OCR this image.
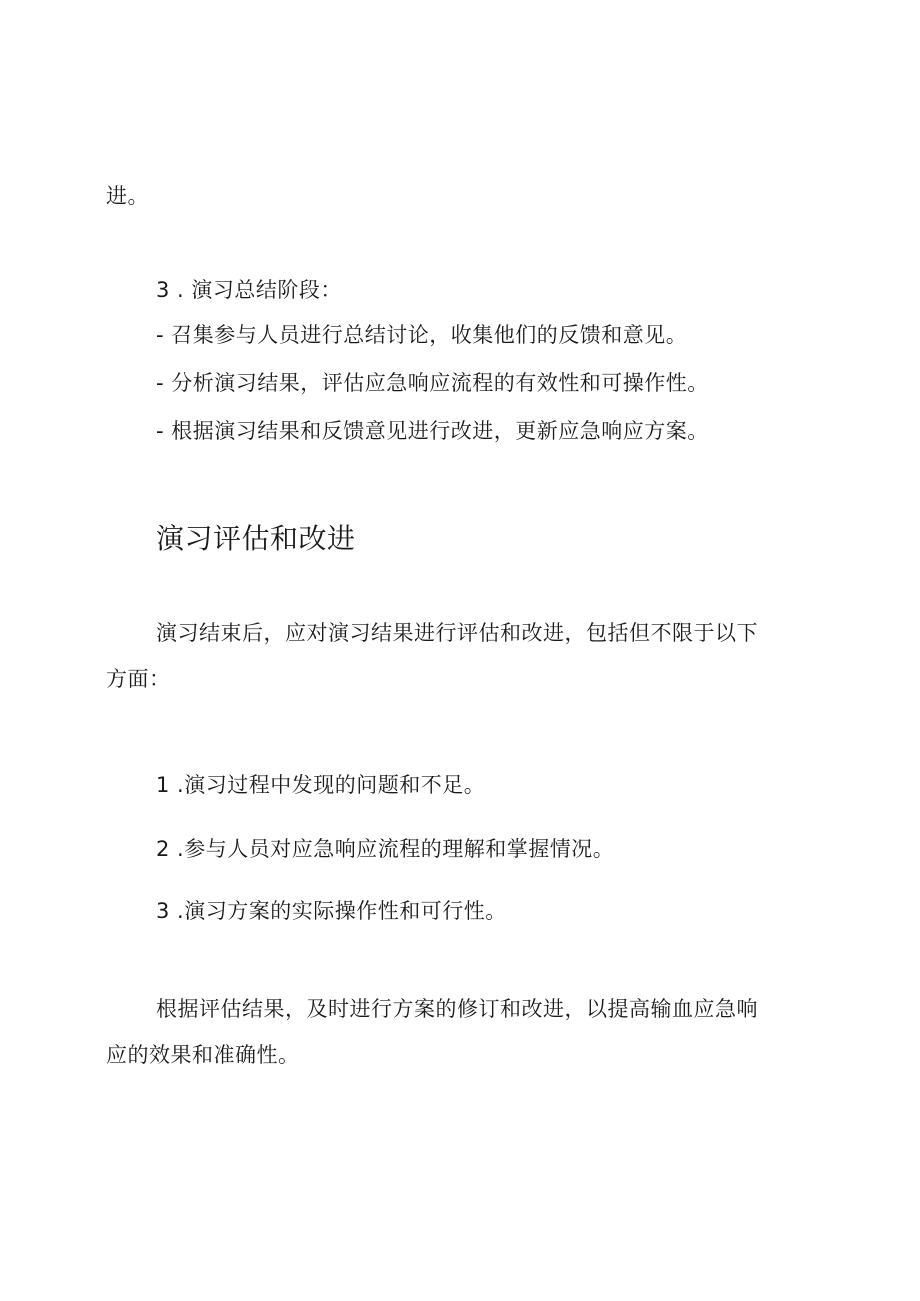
进。
3 . 演习总结阶段：
- 召集参与人员进行总结讨论，收集他们的反馈和意见。
- 分析演习结果，评估应急响应流程的有效性和可操作性。
- 根据演习结果和反馈意见进行改进，更新应急响应方案。
演习评估和改进
演习结束后，应对演习结果进行评估和改进，包括但不限于以下
方面：
1 .演习过程中发现的问题和不足。
2 .参与人员对应急响应流程的理解和掌握情况。
3 .演习方案的实际操作性和可行性。
根据评估结果，及时进行方案的修订和改进，以提高输血应急响
应的效果和准确性。
